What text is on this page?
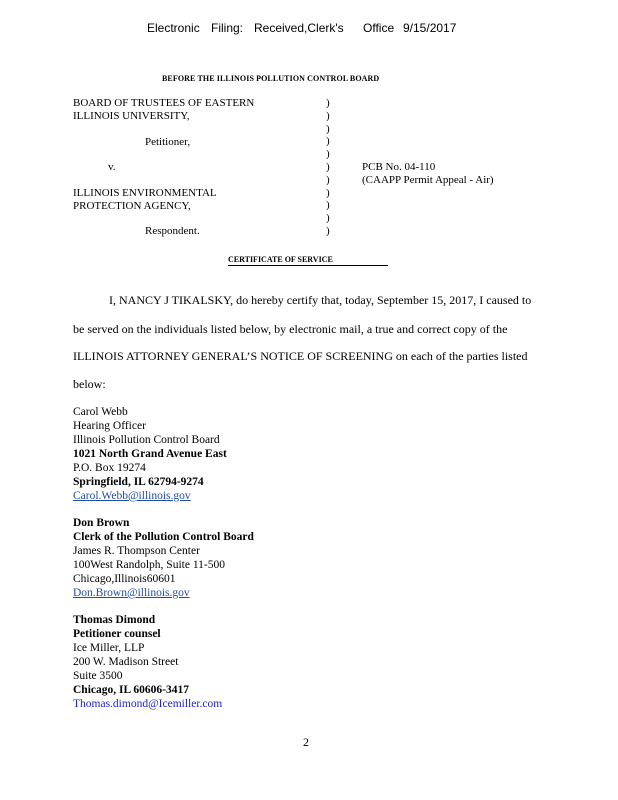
Electronic Filing: Received,Clerk's Office 9/15/2017
BEFORE THE ILLINOIS POLLUTION CONTROL BOARD
BOARD OF TRUSTEES OF EASTERN
ILLINOIS UNIVERSITY,
Petitioner,
v.
ILLINOIS ENVIRONMENTAL
PROTECTION AGENCY,
Respondent.
)
)
)
)
)
)
)
)
)
)
)
PCB No. 04-110
(CAAPP Permit Appeal - Air)
CERTIFICATE OF SERVICE
I, NANCY J TIKALSKY, do hereby certify that, today, September 15, 2017, I caused to
be served on the individuals listed below, by electronic mail, a true and correct copy of the
ILLINOIS ATTORNEY GENERAL’S NOTICE OF SCREENING on each of the parties listed
below:
Carol Webb
Hearing Officer
Illinois Pollution Control Board
1021 North Grand Avenue East
P.O. Box 19274
Springfield, IL 62794-9274
Carol.Webb@illinois.gov
Don Brown
Clerk of the Pollution Control Board
James R. Thompson Center
100West Randolph, Suite 11-500
Chicago,Illinois60601
Don.Brown@illinois.gov
Thomas Dimond
Petitioner counsel
Ice Miller, LLP
200 W. Madison Street
Suite 3500
Chicago, IL 60606-3417
Thomas.dimond@Icemiller.com
2
